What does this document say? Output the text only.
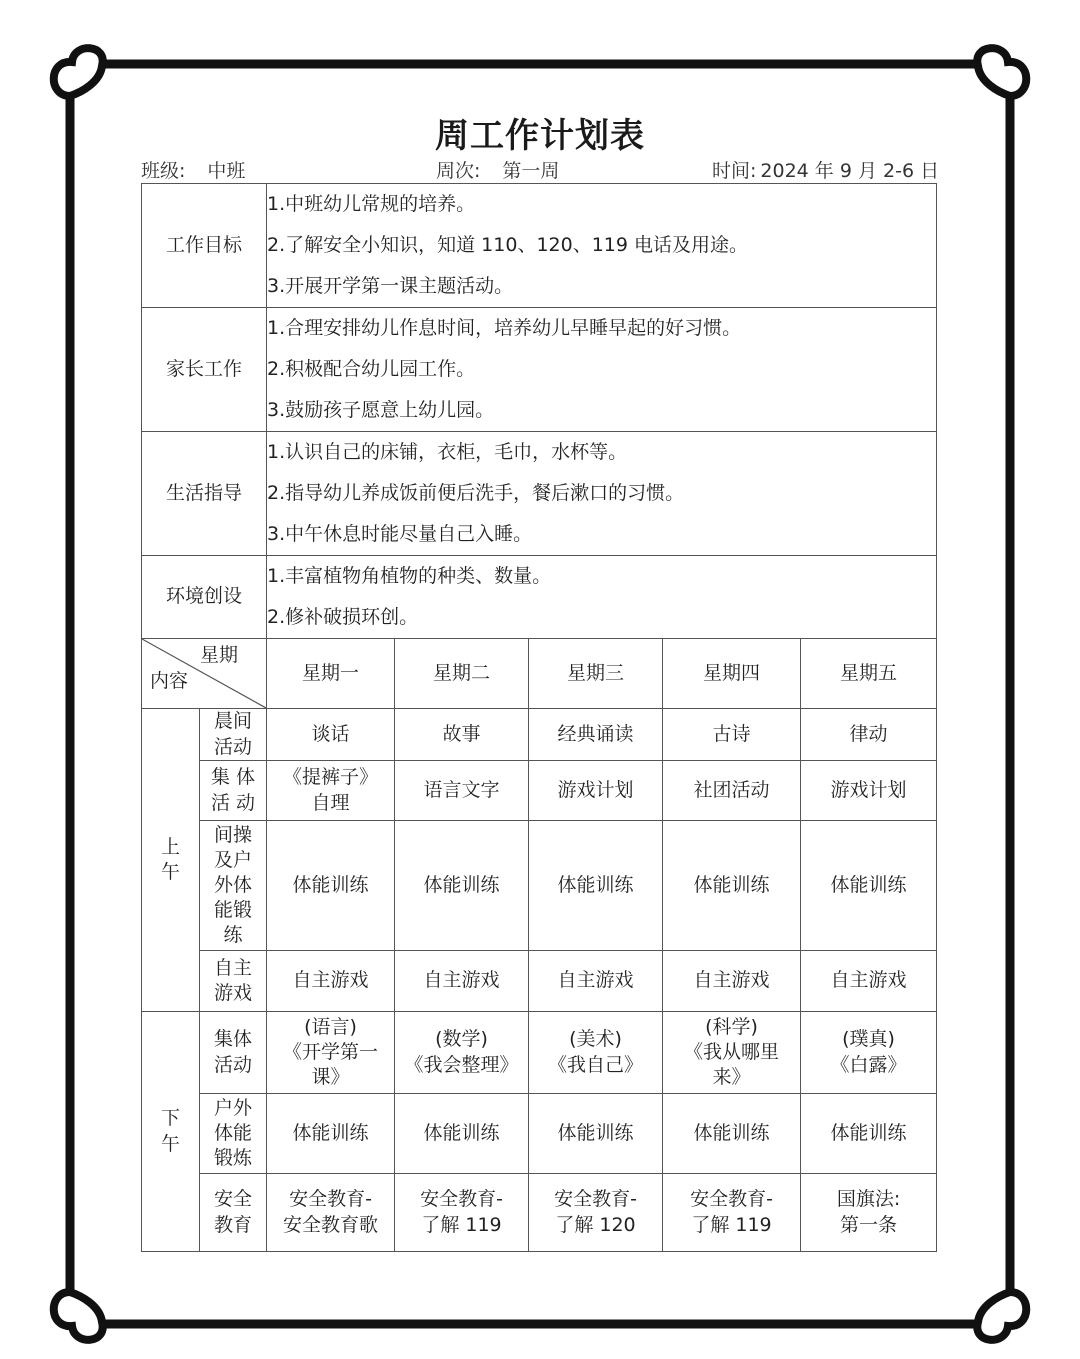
周工作计划表
班级: 中班	周次: 第一周	时间: 2024 年 9 月 2-6 日
工作目标		1.中班幼儿常规的培养。
2.了解安全小知识，知道 110、120、119 电话及用途。
3.开展开学第一课主题活动。				

家长工作		1.合理安排幼儿作息时间，培养幼儿早睡早起的好习惯。
2.积极配合幼儿园工作。
3.鼓励孩子愿意上幼儿园。				

生活指导		1.认识自己的床铺，衣柜，毛巾，水杯等。
2.指导幼儿养成饭前便后洗手，餐后漱口的习惯。
3.中午休息时能尽量自己入睡。				

环境创设		1.丰富植物角植物的种类、数量。
2.修补破损环创。				

星期
内容		星期一	星期二	星期三	星期四	星期五

上
午	晨间
活动	谈话	故事	经典诵读	古诗	律动

	集 体
活 动	《提裤子》
自理	语言文字	游戏计划	社团活动	游戏计划

	间操
及户
外体
能锻
练	体能训练	体能训练	体能训练	体能训练	体能训练

	自主
游戏	自主游戏	自主游戏	自主游戏	自主游戏	自主游戏

下
午	集体
活动	(语言)
《开学第一
课》	(数学)
《我会整理》	(美术)
《我自己》	(科学)
《我从哪里
来》	(璞真)
《白露》

	户外
体能
锻炼	体能训练	体能训练	体能训练	体能训练	体能训练

	安全
教育	安全教育-
安全教育歌	安全教育-
了解 119	安全教育-
了解 120	安全教育-
了解 119	国旗法:
第一条
